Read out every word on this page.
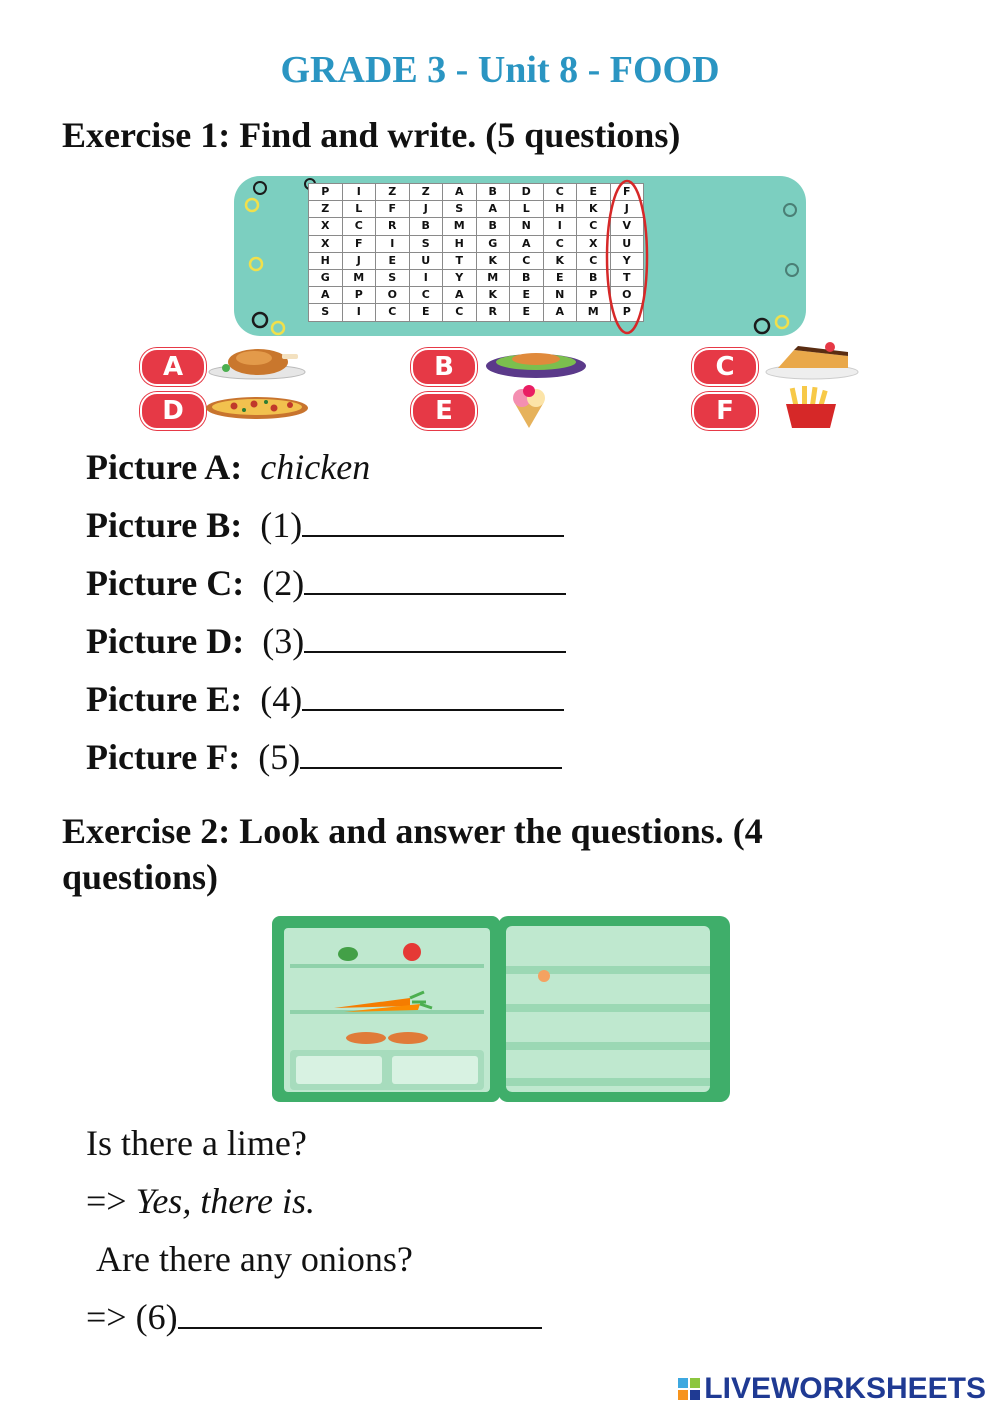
GRADE 3 - Unit 8 - FOOD
Exercise 1: Find and write. (5 questions)
P	I	Z	Z	A	B	D	C	E	F
Z	L	F	J	S	A	L	H	K	J
X	C	R	B	M	B	N	I	C	V
X	F	I	S	H	G	A	C	X	U
H	J	E	U	T	K	C	K	C	Y
G	M	S	I	Y	M	B	E	B	T
A	P	O	C	A	K	E	N	P	O
S	I	C	E	C	R	E	A	M	P
A	B	C
D	E	F
Picture A: chicken
Picture B: (1)
Picture C: (2)
Picture D: (3)
Picture E: (4)
Picture F: (5)
Exercise 2: Look and answer the questions. (4
questions)
Is there a lime?
=> Yes, there is.
Are there any onions?
=> (6)
LIVEWORKSHEETS
